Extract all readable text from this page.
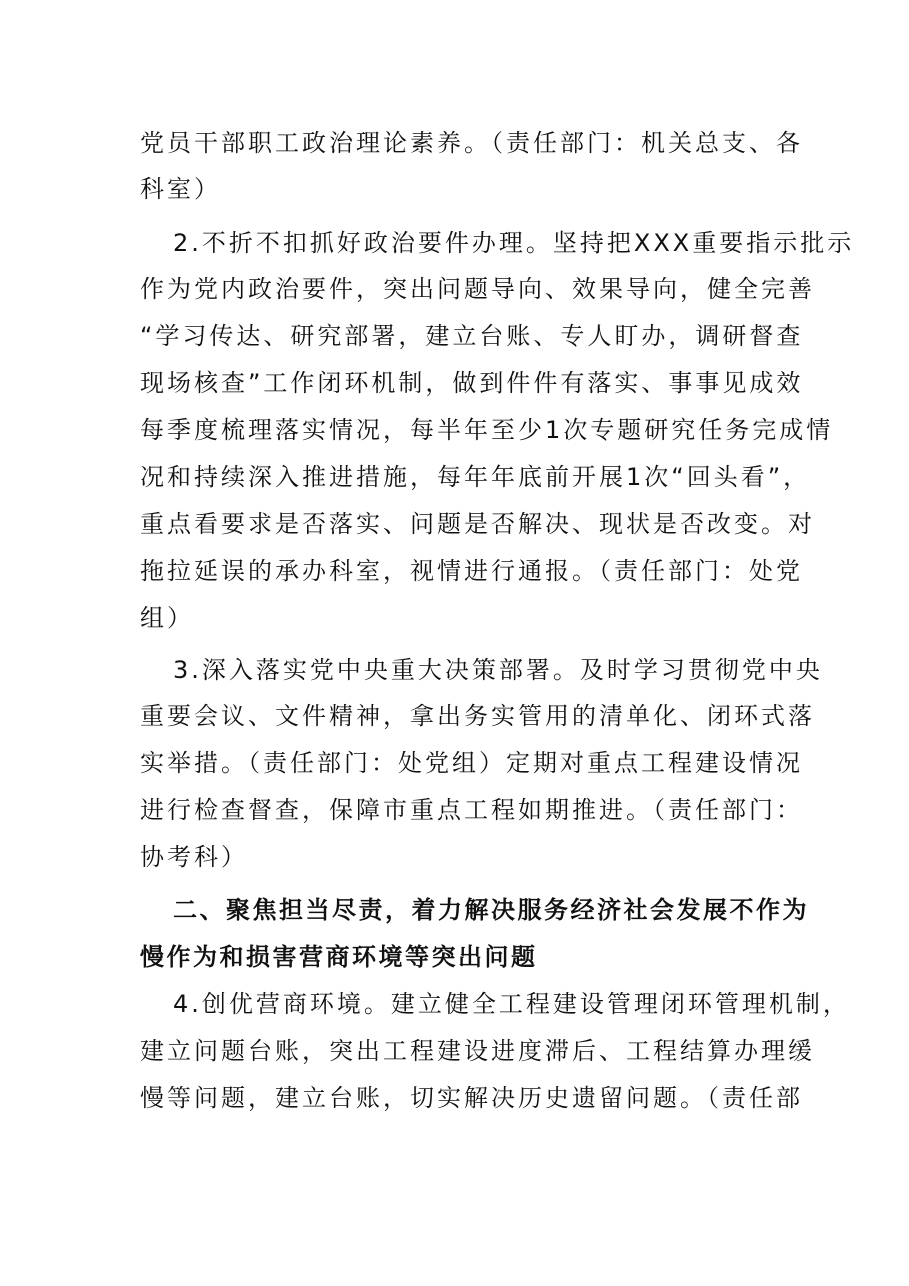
党员干部职工政治理论素养。（责任部门：机关总支、各
科室）
2.不折不扣抓好政治要件办理。坚持把XXX重要指示批示
作为党内政治要件，突出问题导向、效果导向，健全完善
“学习传达、研究部署，建立台账、专人盯办，调研督查
现场核查”工作闭环机制，做到件件有落实、事事见成效
每季度梳理落实情况，每半年至少1次专题研究任务完成情
况和持续深入推进措施，每年年底前开展1次“回头看”，
重点看要求是否落实、问题是否解决、现状是否改变。对
拖拉延误的承办科室，视情进行通报。（责任部门：处党
组）
3.深入落实党中央重大决策部署。及时学习贯彻党中央
重要会议、文件精神，拿出务实管用的清单化、闭环式落
实举措。（责任部门：处党组）定期对重点工程建设情况
进行检查督查，保障市重点工程如期推进。（责任部门：
协考科）
二、聚焦担当尽责，着力解决服务经济社会发展不作为
慢作为和损害营商环境等突出问题
4.创优营商环境。建立健全工程建设管理闭环管理机制，
建立问题台账，突出工程建设进度滞后、工程结算办理缓
慢等问题，建立台账，切实解决历史遗留问题。（责任部
